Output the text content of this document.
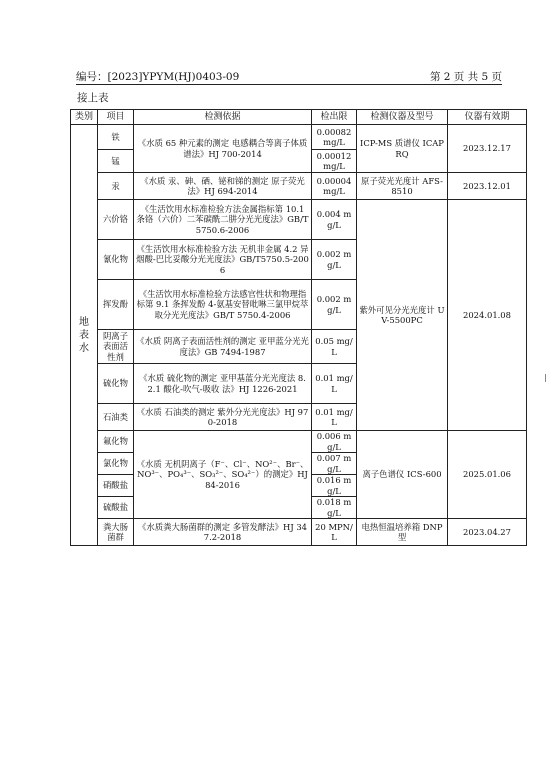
编号：[2023]YPYM(HJ)0403-09	第 2 页 共 5 页
接上表
类别	项目	检测依据	检出限	检测仪器及型号	仪器有效期

地表水	铁	《水质 65 种元素的测定 电感耦合等离子体质谱法》HJ 700-2014	0.00082 mg/L	ICP-MS 质谱仪 ICAP RQ	2023.12.17
	锰		0.00012 mg/L		
	汞	《水质 汞、砷、硒、铋和锑的测定 原子荧光法》HJ 694-2014	0.00004 mg/L	原子荧光光度计 AFS-8510	2023.12.01
	六价铬	《生活饮用水标准检验方法金属指标第 10.1 条铬（六价）二苯碳酰二肼分光光度法》GB/T5750.6-2006	0.004 mg/L	紫外可见分光光度计 UV-5500PC	2024.01.08
	氰化物	《生活饮用水标准检验方法 无机非金属 4.2 异烟酸-巴比妥酸分光光度法》GB/T5750.5-2006	0.002 mg/L		
	挥发酚	《生活饮用水标准检验方法感官性状和物理指标第 9.1 条挥发酚 4-氨基安替吡啉三氯甲烷萃取分光光度法》GB/T 5750.4-2006	0.002 mg/L		
	阴离子表面活性剂	《水质 阴离子表面活性剂的测定 亚甲蓝分光光度法》GB 7494-1987	0.05 mg/L		
	硫化物	《水质 硫化物的测定 亚甲基蓝分光光度法 8.2.1 酸化-吹气-吸收 法》HJ 1226-2021	0.01 mg/L		
	石油类	《水质 石油类的测定 紫外分光光度法》HJ 970-2018	0.01 mg/L		
	氟化物	《水质 无机阴离子（F⁻、Cl⁻、NO²⁻、Br⁻、NO³⁻、PO₄³⁻、SO₃²⁻、SO₄²⁻）的测定》HJ 84-2016	0.006 mg/L	离子色谱仪 ICS-600	2025.01.06
	氯化物		0.007 mg/L		
	硝酸盐		0.016 mg/L		
	硫酸盐		0.018 mg/L		
	粪大肠菌群	《水质粪大肠菌群的测定 多管发酵法》HJ 347.2-2018	20 MPN/L	电热恒温培养箱 DNP 型	2023.04.27
